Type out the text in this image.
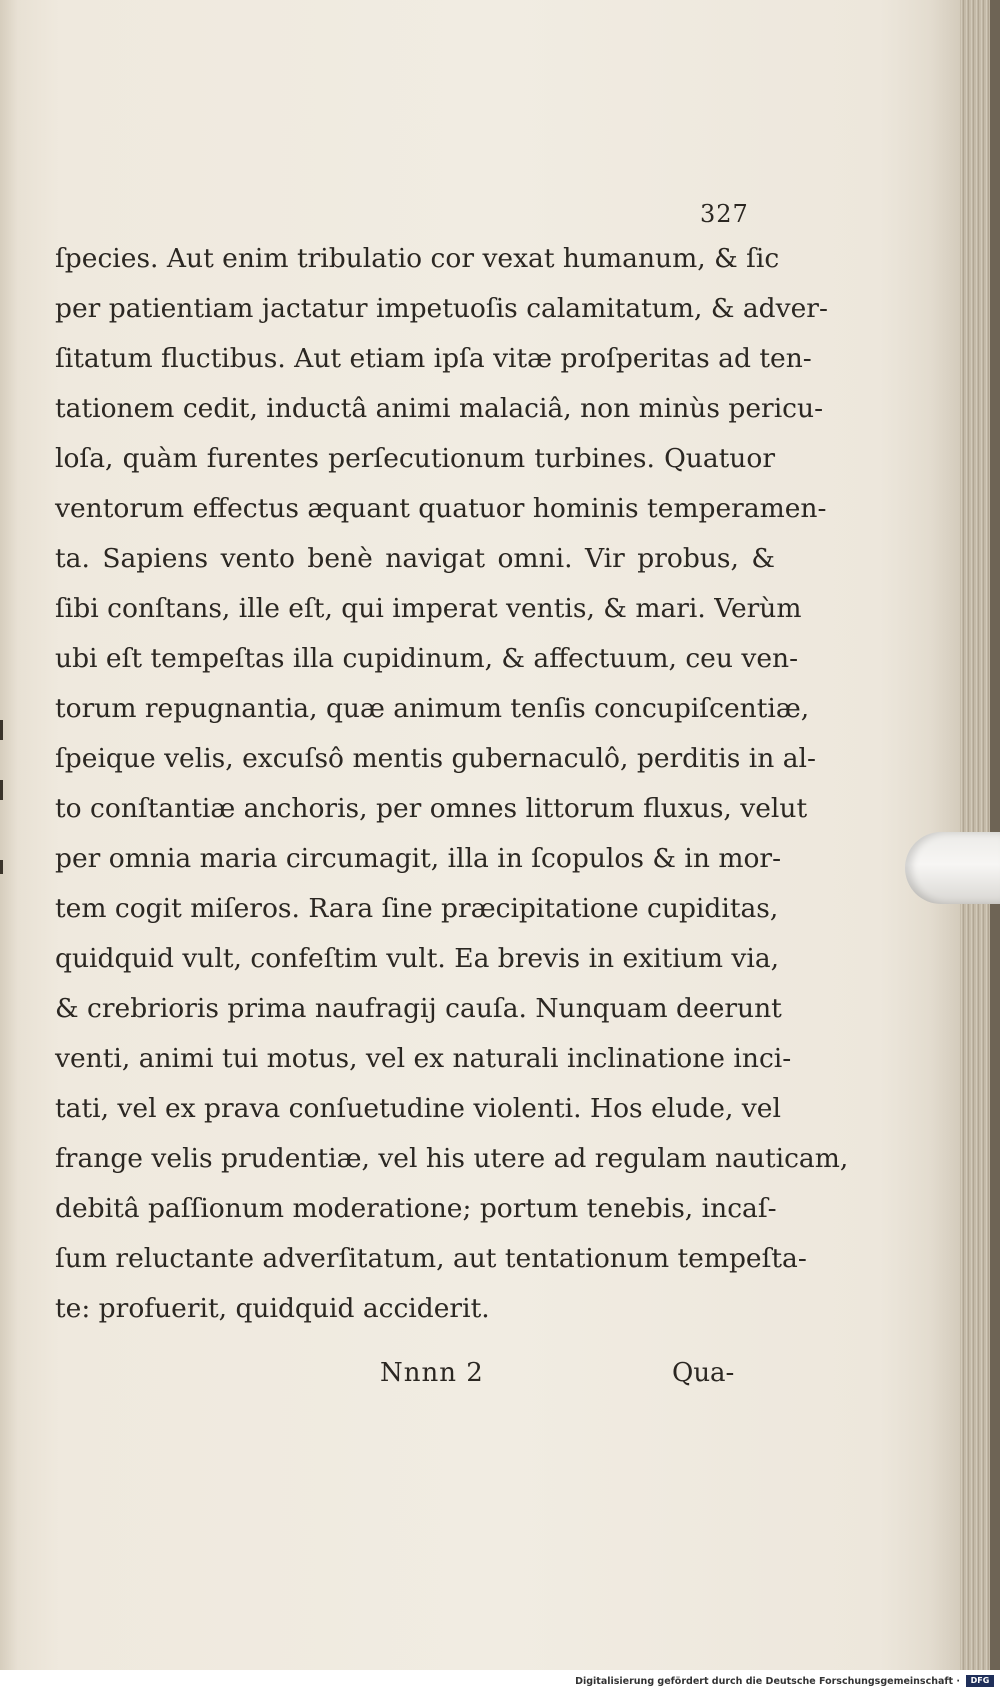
327

ſpecies. Aut enim tribulatio cor vexat humanum, & ſic

per patientiam jactatur impetuoſis calamitatum, & adver-

ſitatum fluctibus. Aut etiam ipſa vitæ proſperitas ad ten-

tationem cedit, inductâ animi malaciâ, non minùs pericu-

loſa, quàm furentes perſecutionum turbines. Quatuor

ventorum effectus æquant quatuor hominis temperamen-

ta. Sapiens vento benè navigat omni. Vir probus, &

ſibi conſtans, ille eſt, qui imperat ventis, & mari. Verùm

ubi eſt tempeſtas illa cupidinum, & affectuum, ceu ven-

torum repugnantia, quæ animum tenſis concupiſcentiæ,

ſpeique velis, excuſsô mentis gubernaculô, perditis in al-

to conſtantiæ anchoris, per omnes littorum fluxus, velut

per omnia maria circumagit, illa in ſcopulos & in mor-

tem cogit miſeros. Rara ſine præcipitatione cupiditas,

quidquid vult, confeſtim vult. Ea brevis in exitium via,

& crebrioris prima naufragij cauſa. Nunquam deerunt

venti, animi tui motus, vel ex naturali inclinatione inci-

tati, vel ex prava conſuetudine violenti. Hos elude, vel

frange velis prudentiæ, vel his utere ad regulam nauticam,

debitâ paſſionum moderatione; portum tenebis, incaſ-

ſum reluctante adverſitatum, aut tentationum tempeſta-

te: profuerit, quidquid acciderit.

Nnnn 2	Qua-
Digitalisierung gefördert durch die Deutsche Forschungsgemeinschaft ·	DFG
